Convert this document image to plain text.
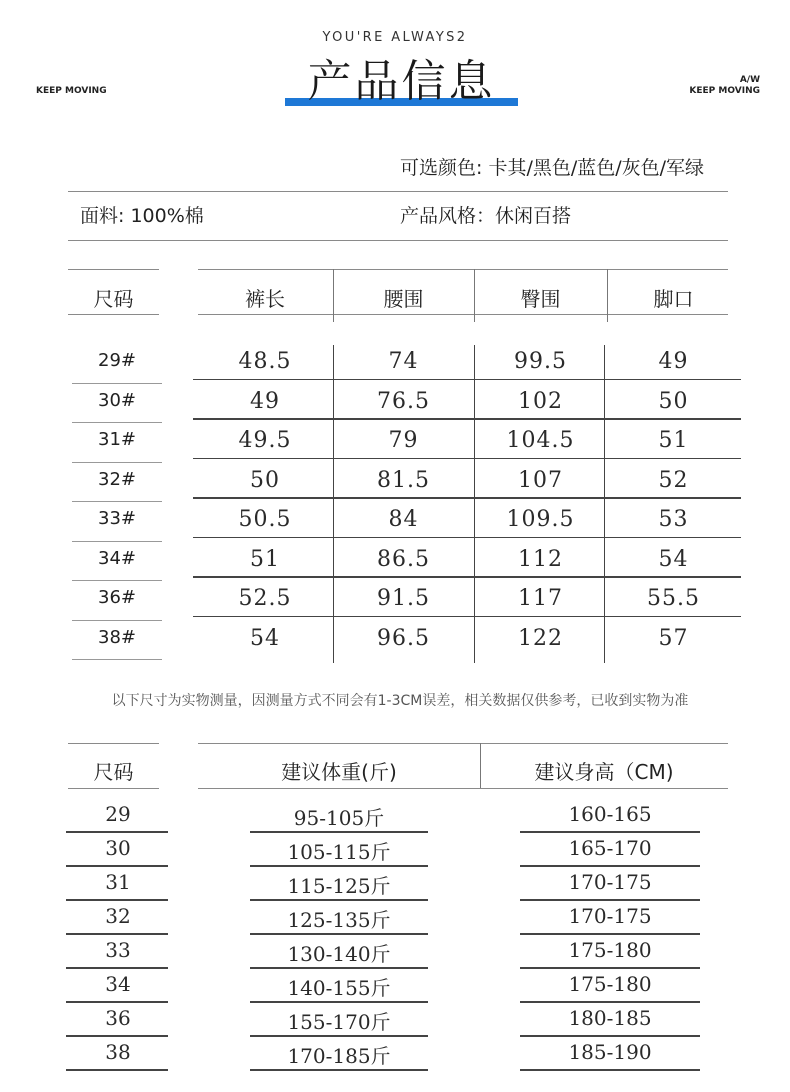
YOU'RE ALWAYS2
KEEP MOVING
A/W
KEEP MOVING
产品信息
可选颜色: 卡其/黑色/蓝色/灰色/军绿
面料: 100%棉	产品风格：休闲百搭
尺码	裤长	腰围	臀围	脚口
29#	48.5	74	99.5	49
30#	49	76.5	102	50
31#	49.5	79	104.5	51
32#	50	81.5	107	52
33#	50.5	84	109.5	53
34#	51	86.5	112	54
36#	52.5	91.5	117	55.5
38#	54	96.5	122	57
以下尺寸为实物测量，因测量方式不同会有1-3CM误差，相关数据仅供参考，已收到实物为准
尺码	建议体重(斤)	建议身高（CM)
29	95-105斤	160-165
30	105-115斤	165-170
31	115-125斤	170-175
32	125-135斤	170-175
33	130-140斤	175-180
34	140-155斤	175-180
36	155-170斤	180-185
38	170-185斤	185-190
